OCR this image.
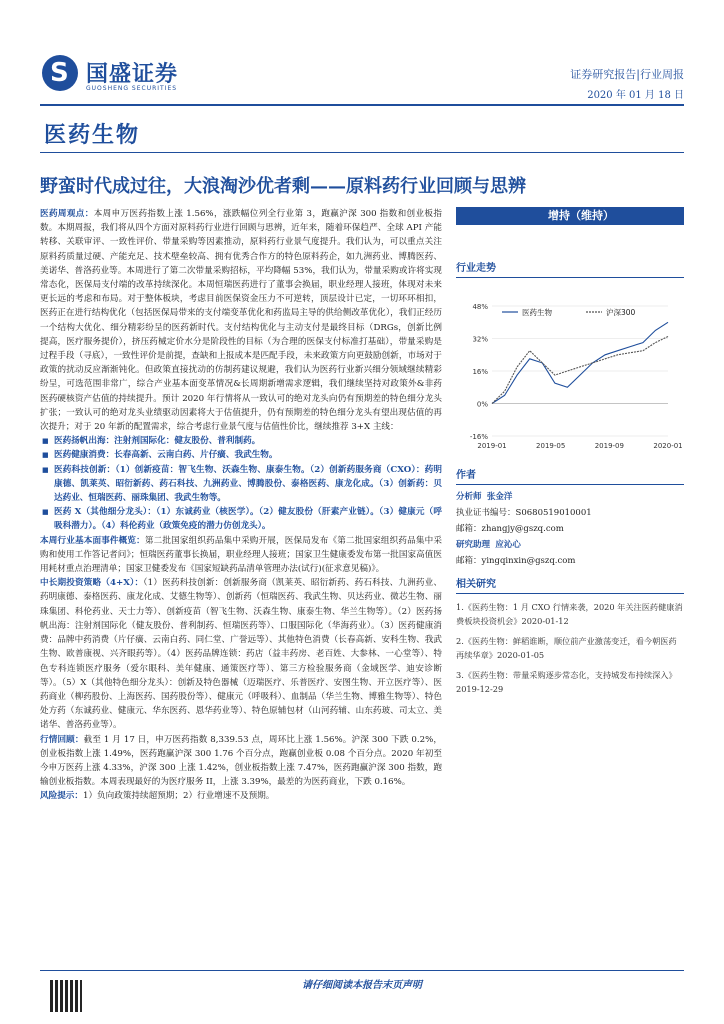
S 国盛证券
GUOSHENG SECURITIES
证券研究报告|行业周报
2020 年 01 月 18 日
医药生物
野蛮时代成过往，大浪淘沙优者剩——原料药行业回顾与思辨

医药周观点：本周申万医药指数上涨 1.56%，涨跌幅位列全行业第 3，跑赢沪深 300 指数和创业板指数。本期周报，我们将从四个方面对原料药行业进行回顾与思辨，近年来，随着环保趋严、全球 API 产能转移、关联审评、一致性评价、带量采购等因素推动，原料药行业景气度提升。我们认为，可以重点关注原料药质量过硬、产能充足、技术壁垒较高、拥有优秀合作方的特色原料药企，如九洲药业、博腾医药、美诺华、普洛药业等。本周进行了第二次带量采购招标，平均降幅 53%，我们认为，带量采购或许将实现常态化，医保局支付端的改革持续深化。本周恒瑞医药进行了董事会换届，职业经理人接班，体现对未来更长远的考虑和布局。对于整体板块，考虑目前医保资金压力不可逆转，顶层设计已定，一切环环相扣，医药正在进行结构优化（包括医保局带来的支付端变革优化和药监局主导的供给侧改革优化），我们正经历一个结构大优化、细分精彩纷呈的医药新时代。支付结构优化与主动支付是最终目标（DRGs，创新比例提高，医疗服务提价），挤压药械定价水分是阶段性的目标（为合理的医保支付标准打基础），带量采购是过程手段（寻底），一致性评价是前提，查缺和上报成本是匹配手段，未来政策方向更鼓励创新，市场对于政策的扰动反应渐渐钝化。但政策直接扰动的仿制药建议规避，我们认为医药行业新兴细分领域继续精彩纷呈，可选范围非常广，综合产业基本面变革情况&长周期新增需求逻辑，我们继续坚持对政策外&非药医药硬核资产估值的持续提升。预计 2020 年行情将从一致认可的绝对龙头向仍有预期差的特色细分龙头扩张；一致认可的绝对龙头业绩驱动因素将大于估值提升，仍有预期差的特色细分龙头有望出现估值的再次提升；对于 20 年新的配置需求，综合考虑行业景气度与估值性价比，继续推荐 3+X 主线：

■ 医药扬帆出海：注射剂国际化：健友股份、普利制药。

■ 医药健康消费：长春高新、云南白药、片仔癀、我武生物。

■ 医药科技创新：（1）创新疫苗：智飞生物、沃森生物、康泰生物。（2）创新药服务商（CXO）：药明康德、凯莱英、昭衍新药、药石科技、九洲药业、博腾股份、泰格医药、康龙化成。（3）创新药：贝达药业、恒瑞医药、丽珠集团、我武生物等。

■ 医药 X（其他细分龙头）：（1）东诚药业（核医学）。（2）健友股份（肝素产业链）。（3）健康元（呼吸科潜力）。（4）科伦药业（政策免疫的潜力仿创龙头）。

本周行业基本面事件概览：第二批国家组织药品集中采购开展，医保局发布《第二批国家组织药品集中采购和使用工作答记者问》；恒瑞医药董事长换届，职业经理人接班；国家卫生健康委发布第一批国家高值医用耗材重点治理清单；国家卫健委发布《国家短缺药品清单管理办法(试行)(征求意见稿)》。

中长期投资策略（4+X）：（1）医药科技创新：创新服务商（凯莱英、昭衍新药、药石科技、九洲药业、药明康德、泰格医药、康龙化成、艾德生物等）、创新药（恒瑞医药、我武生物、贝达药业、微芯生物、丽珠集团、科伦药业、天士力等）、创新疫苗（智飞生物、沃森生物、康泰生物、华兰生物等）。（2）医药扬帆出海：注射剂国际化（健友股份、普利制药、恒瑞医药等）、口服国际化（华海药业）。（3）医药健康消费：品牌中药消费（片仔癀、云南白药、同仁堂、广誉远等）、其他特色消费（长春高新、安科生物、我武生物、欧普康视、兴齐眼药等）。（4）医药品牌连锁：药店（益丰药房、老百姓、大参林、一心堂等）、特色专科连锁医疗服务（爱尔眼科、美年健康、通策医疗等）、第三方检验服务商（金域医学、迪安诊断等）。（5）X（其他特色细分龙头）：创新及特色器械（迈瑞医疗、乐普医疗、安图生物、开立医疗等）、医药商业（柳药股份、上海医药、国药股份等）、健康元（呼吸科）、血制品（华兰生物、博雅生物等）、特色处方药（东诚药业、健康元、华东医药、恩华药业等）、特色原辅包材（山河药辅、山东药玻、司太立、美诺华、普洛药业等）。

行情回顾：截至 1 月 17 日，申万医药指数 8,339.53 点，周环比上涨 1.56%。沪深 300 下跌 0.2%，创业板指数上涨 1.49%，医药跑赢沪深 300 1.76 个百分点，跑赢创业板 0.08 个百分点。2020 年初至今申万医药上涨 4.33%，沪深 300 上涨 1.42%，创业板指数上涨 7.47%，医药跑赢沪深 300 指数，跑输创业板指数。本周表现最好的为医疗服务 II，上涨 3.39%，最差的为医药商业，下跌 0.16%。

风险提示：1）负向政策持续超预期；2）行业增速不及预期。

增持（维持）
行业走势
-16%
0%
16%
32%
48%
2019-01	2019-05	2019-09	2020-01
医药生物	沪深300
作者
分析师 张金洋
执业证书编号：S0680519010001
邮箱：zhangjy@gszq.com
研究助理 应沁心
邮箱：yingqinxin@gszq.com
相关研究
1.《医药生物：1 月 CXO 行情来袭，2020 年关注医药健康消费板块投资机会》2020-01-12
2.《医药生物：鲜稻谁断，顺位前产业激荡变迁，看今朝医药再续华章》2020-01-05
3.《医药生物：带量采购逐步常态化，支持城发布持续深入》2019-12-29
请仔细阅读本报告末页声明
